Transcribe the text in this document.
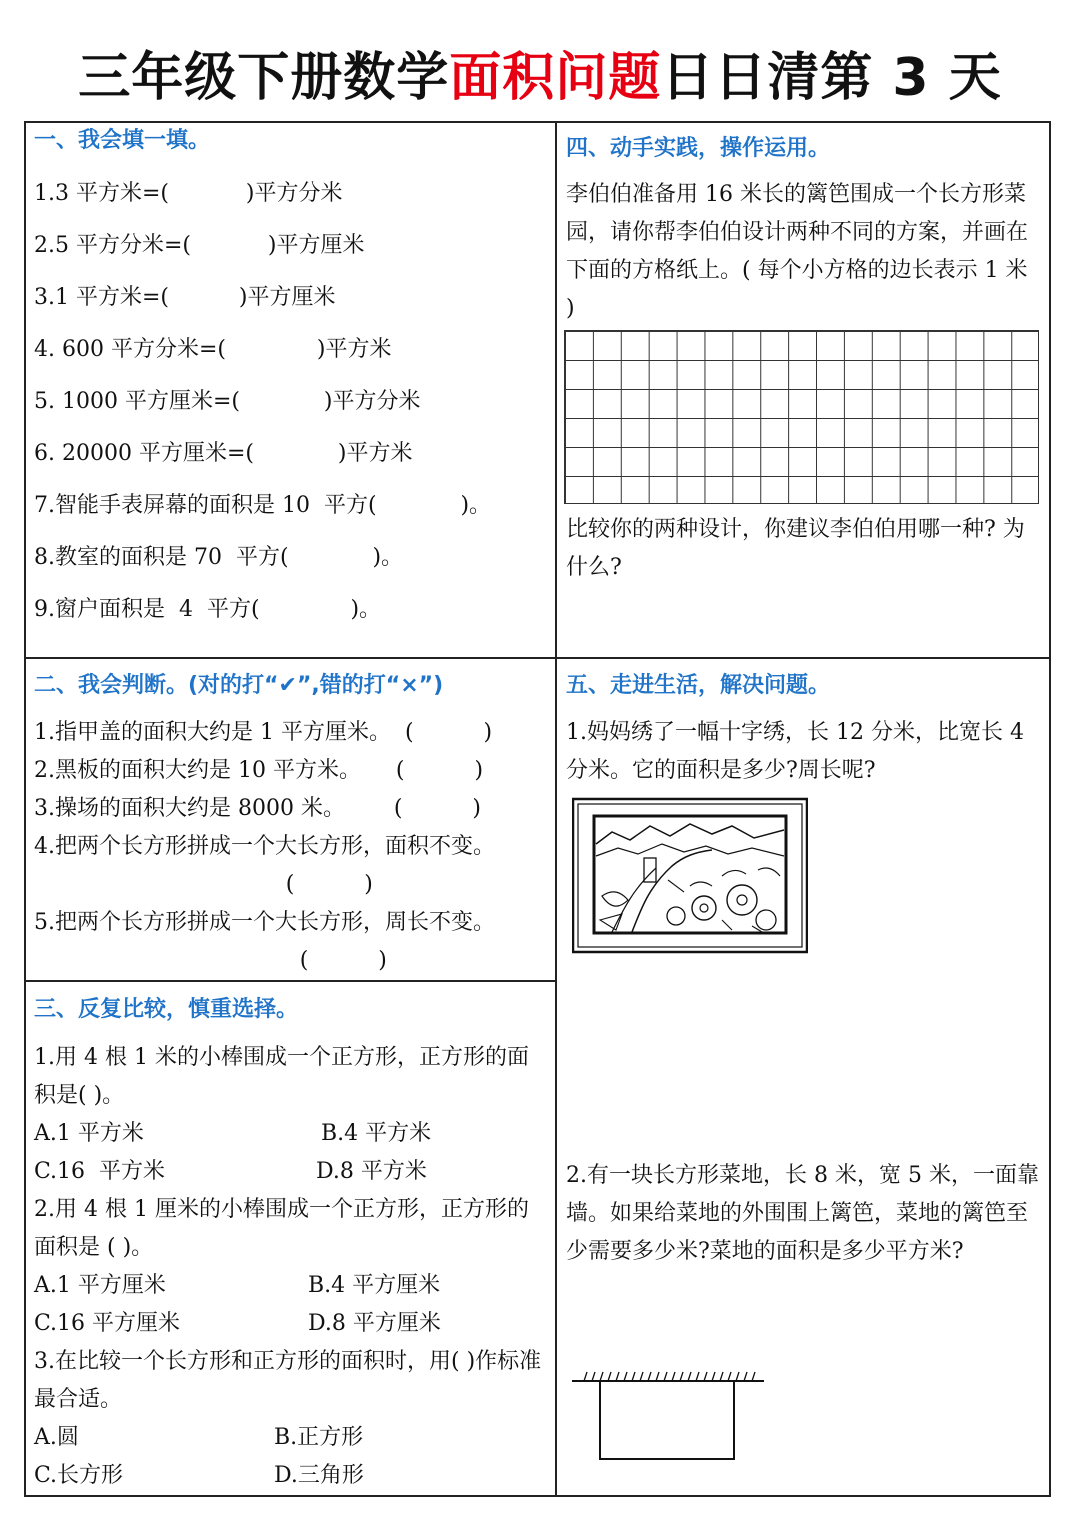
三年级下册数学面积问题日日清第 3 天
一、我会填一填。
1.3 平方米=(           )平方分米
2.5 平方分米=(           )平方厘米
3.1 平方米=(          )平方厘米
4. 600 平方分米=(             )平方米
5. 1000 平方厘米=(            )平方分米
6. 20000 平方厘米=(            )平方米
7.智能手表屏幕的面积是 10  平方(            )。
8.教室的面积是 70  平方(            )。
9.窗户面积是  4  平方(             )。
二、我会判断。(对的打“✔”,错的打“×”)
1.指甲盖的面积大约是 1 平方厘米。  (          )
2.黑板的面积大约是 10 平方米。     (          )
3.操场的面积大约是 8000 米。       (          )
4.把两个长方形拼成一个大长方形，面积不变。
(          )
5.把两个长方形拼成一个大长方形，周长不变。
(          )
三、反复比较，慎重选择。
1.用 4 根 1 米的小棒围成一个正方形，正方形的面积是( )。
A.1 平方米	B.4 平方米
C.16  平方米	D.8 平方米
2.用 4 根 1 厘米的小棒围成一个正方形，正方形的面积是 ( )。
A.1 平方厘米	B.4 平方厘米
C.16 平方厘米	D.8 平方厘米
3.在比较一个长方形和正方形的面积时，用( )作标准最合适。
A.圆	B.正方形
C.长方形	D.三角形
四、动手实践，操作运用。
李伯伯准备用 16 米长的篱笆围成一个长方形菜园，请你帮李伯伯设计两种不同的方案，并画在下面的方格纸上。( 每个小方格的边长表示 1 米 )
比较你的两种设计，你建议李伯伯用哪一种? 为什么?
五、走进生活，解决问题。
1.妈妈绣了一幅十字绣，长 12 分米，比宽长 4 分米。它的面积是多少?周长呢?
2.有一块长方形菜地，长 8 米，宽 5 米，一面靠墙。如果给菜地的外围围上篱笆，菜地的篱笆至少需要多少米?菜地的面积是多少平方米?
